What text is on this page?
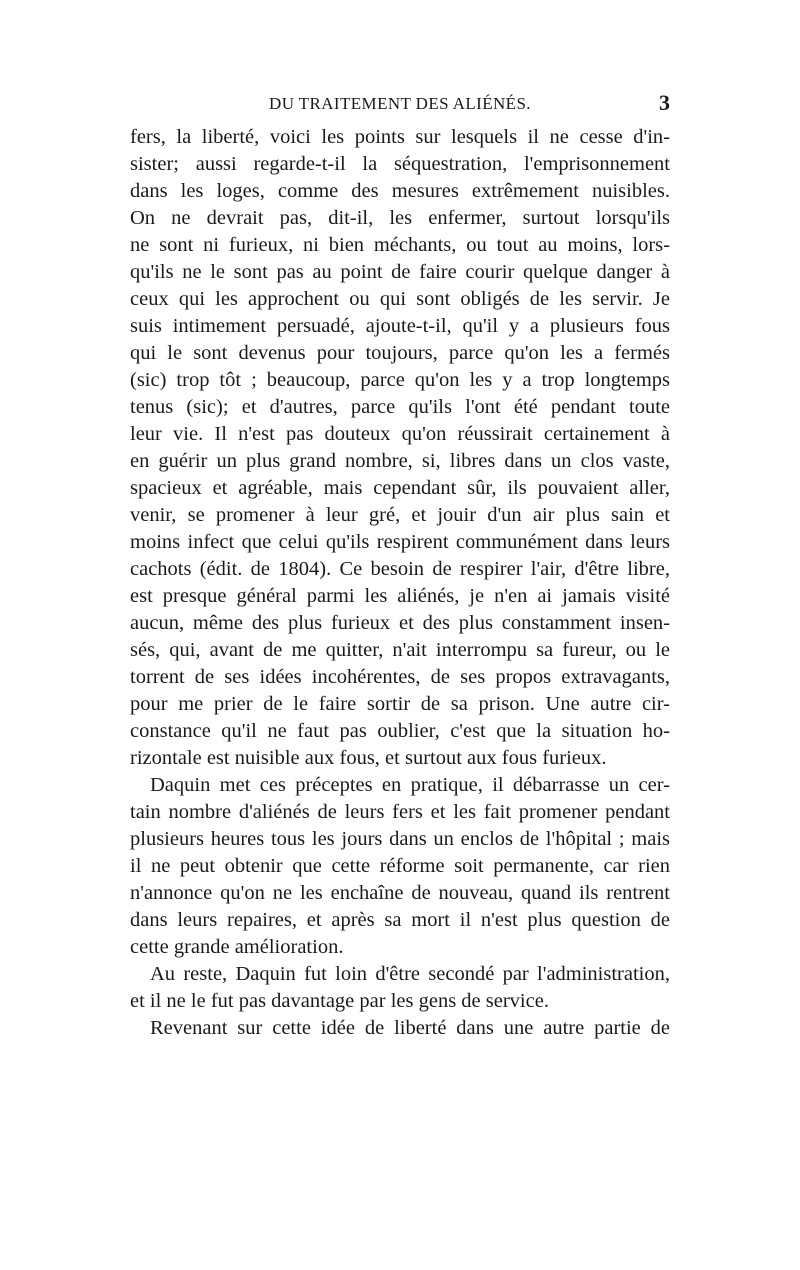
DU TRAITEMENT DES ALIÉNÉS.	3
fers, la liberté, voici les points sur lesquels il ne cesse d'in-
sister; aussi regarde-t-il la séquestration, l'emprisonnement
dans les loges, comme des mesures extrêmement nuisibles.
On ne devrait pas, dit-il, les enfermer, surtout lorsqu'ils
ne sont ni furieux, ni bien méchants, ou tout au moins, lors-
qu'ils ne le sont pas au point de faire courir quelque danger à
ceux qui les approchent ou qui sont obligés de les servir. Je
suis intimement persuadé, ajoute-t-il, qu'il y a plusieurs fous
qui le sont devenus pour toujours, parce qu'on les a fermés
(sic) trop tôt ; beaucoup, parce qu'on les y a trop longtemps
tenus (sic); et d'autres, parce qu'ils l'ont été pendant toute
leur vie. Il n'est pas douteux qu'on réussirait certainement à
en guérir un plus grand nombre, si, libres dans un clos vaste,
spacieux et agréable, mais cependant sûr, ils pouvaient aller,
venir, se promener à leur gré, et jouir d'un air plus sain et
moins infect que celui qu'ils respirent communément dans leurs
cachots (édit. de 1804). Ce besoin de respirer l'air, d'être libre,
est presque général parmi les aliénés, je n'en ai jamais visité
aucun, même des plus furieux et des plus constamment insen-
sés, qui, avant de me quitter, n'ait interrompu sa fureur, ou le
torrent de ses idées incohérentes, de ses propos extravagants,
pour me prier de le faire sortir de sa prison. Une autre cir-
constance qu'il ne faut pas oublier, c'est que la situation ho-
rizontale est nuisible aux fous, et surtout aux fous furieux.
Daquin met ces préceptes en pratique, il débarrasse un cer-
tain nombre d'aliénés de leurs fers et les fait promener pendant
plusieurs heures tous les jours dans un enclos de l'hôpital ; mais
il ne peut obtenir que cette réforme soit permanente, car rien
n'annonce qu'on ne les enchaîne de nouveau, quand ils rentrent
dans leurs repaires, et après sa mort il n'est plus question de
cette grande amélioration.
Au reste, Daquin fut loin d'être secondé par l'administration,
et il ne le fut pas davantage par les gens de service.
Revenant sur cette idée de liberté dans une autre partie de
